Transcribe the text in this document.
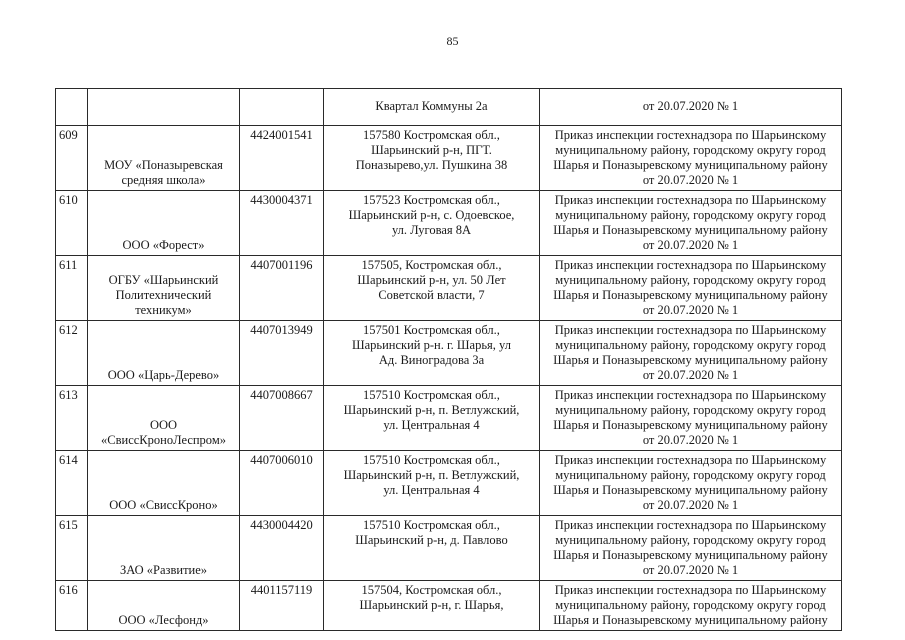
85
			Квартал Коммуны 2а	от 20.07.2020 № 1
609	МОУ «Поназыревская
средняя школа»	4424001541	157580 Костромская обл.,
Шарьинский р-н, ПГТ.
Поназырево,ул. Пушкина 38	Приказ инспекции гостехнадзора по Шарьинскому
муниципальному району, городскому округу город
Шарья и Поназыревскому муниципальному району
от 20.07.2020 № 1

610	ООО «Форест»	4430004371	157523 Костромская обл.,
Шарьинский р-н, с. Одоевское,
ул. Луговая 8А	Приказ инспекции гостехнадзора по Шарьинскому
муниципальному району, городскому округу город
Шарья и Поназыревскому муниципальному району
от 20.07.2020 № 1

611	ОГБУ «Шарьинский
Политехнический
техникум»	4407001196	157505, Костромская обл.,
Шарьинский р-н, ул. 50 Лет
Советской власти, 7	Приказ инспекции гостехнадзора по Шарьинскому
муниципальному району, городскому округу город
Шарья и Поназыревскому муниципальному району
от 20.07.2020 № 1

612	ООО «Царь-Дерево»	4407013949	157501 Костромская обл.,
Шарьинский р-н. г. Шарья, ул
Ад. Виноградова 3а	Приказ инспекции гостехнадзора по Шарьинскому
муниципальному району, городскому округу город
Шарья и Поназыревскому муниципальному району
от 20.07.2020 № 1

613	ООО
«СвиссКроноЛеспром»	4407008667	157510 Костромская обл.,
Шарьинский р-н, п. Ветлужский,
ул. Центральная 4	Приказ инспекции гостехнадзора по Шарьинскому
муниципальному району, городскому округу город
Шарья и Поназыревскому муниципальному району
от 20.07.2020 № 1

614	ООО «СвиссКроно»	4407006010	157510 Костромская обл.,
Шарьинский р-н, п. Ветлужский,
ул. Центральная 4	Приказ инспекции гостехнадзора по Шарьинскому
муниципальному району, городскому округу город
Шарья и Поназыревскому муниципальному району
от 20.07.2020 № 1

615	ЗАО «Развитие»	4430004420	157510 Костромская обл.,
Шарьинский р-н, д. Павлово	Приказ инспекции гостехнадзора по Шарьинскому
муниципальному району, городскому округу город
Шарья и Поназыревскому муниципальному району
от 20.07.2020 № 1

616	ООО «Лесфонд»	4401157119	157504, Костромская обл.,
Шарьинский р-н, г. Шарья,	Приказ инспекции гостехнадзора по Шарьинскому
муниципальному району, городскому округу город
Шарья и Поназыревскому муниципальному району
